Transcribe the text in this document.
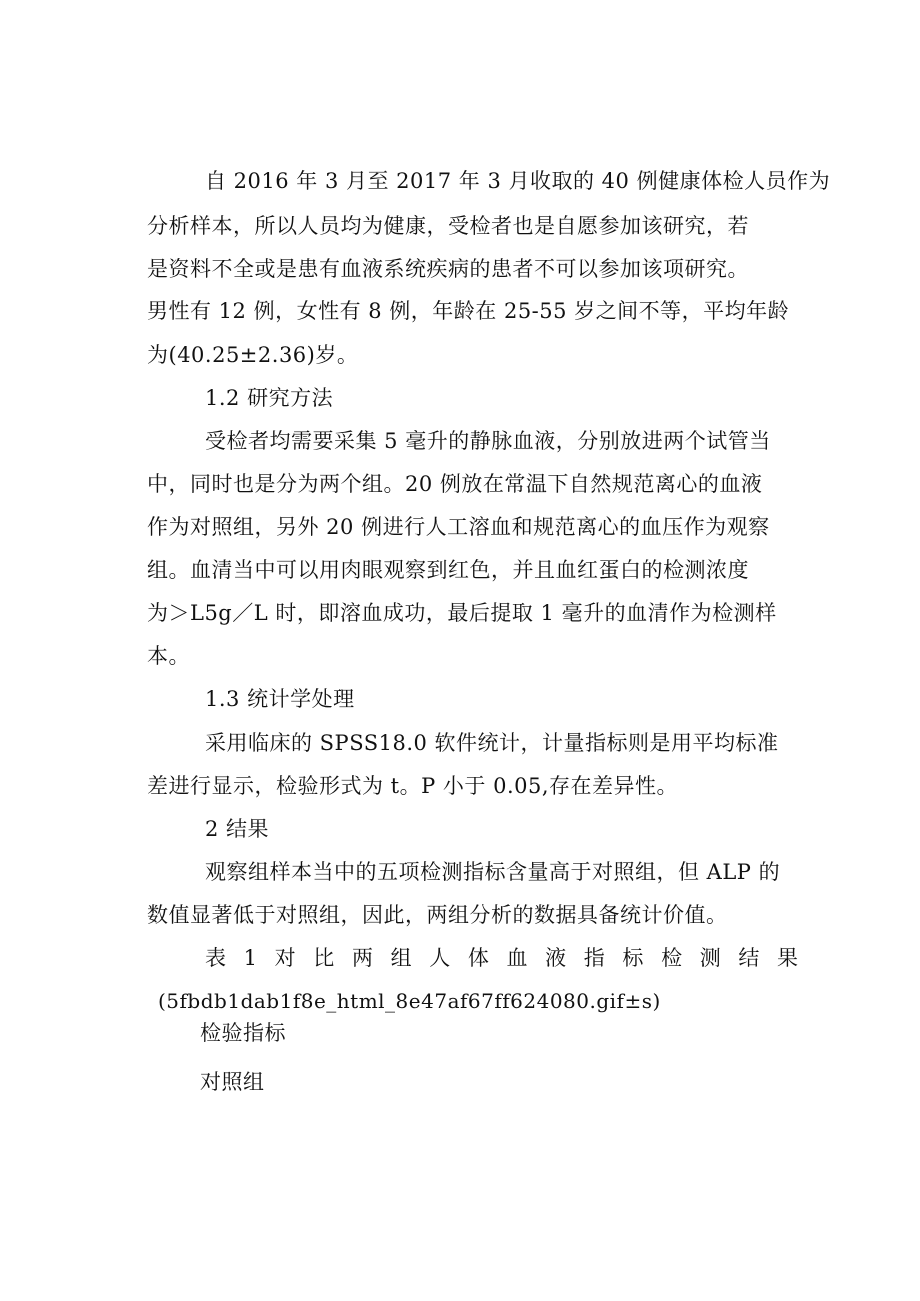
自 2016 年 3 月至 2017 年 3 月收取的 40 例健康体检人员作为
分析样本，所以人员均为健康，受检者也是自愿参加该研究，若
是资料不全或是患有血液系统疾病的患者不可以参加该项研究。
男性有 12 例，女性有 8 例，年龄在 25-55 岁之间不等，平均年龄
为(40.25±2.36)岁。
1.2 研究方法
受检者均需要采集 5 毫升的静脉血液，分别放进两个试管当
中，同时也是分为两个组。20 例放在常温下自然规范离心的血液
作为对照组，另外 20 例进行人工溶血和规范离心的血压作为观察
组。血清当中可以用肉眼观察到红色，并且血红蛋白的检测浓度
为＞L5g／L 时，即溶血成功，最后提取 1 毫升的血清作为检测样
本。
1.3 统计学处理
采用临床的 SPSS18.0 软件统计，计量指标则是用平均标准
差进行显示，检验形式为 t。P 小于 0.05,存在差异性。
2 结果
观察组样本当中的五项检测指标含量高于对照组，但 ALP 的
数值显著低于对照组，因此，两组分析的数据具备统计价值。
表 1 对 比 两 组 人 体 血 液 指 标 检 测 结 果
(5fbdb1dab1f8e_html_8e47af67ff624080.gif±s)
检验指标
对照组
